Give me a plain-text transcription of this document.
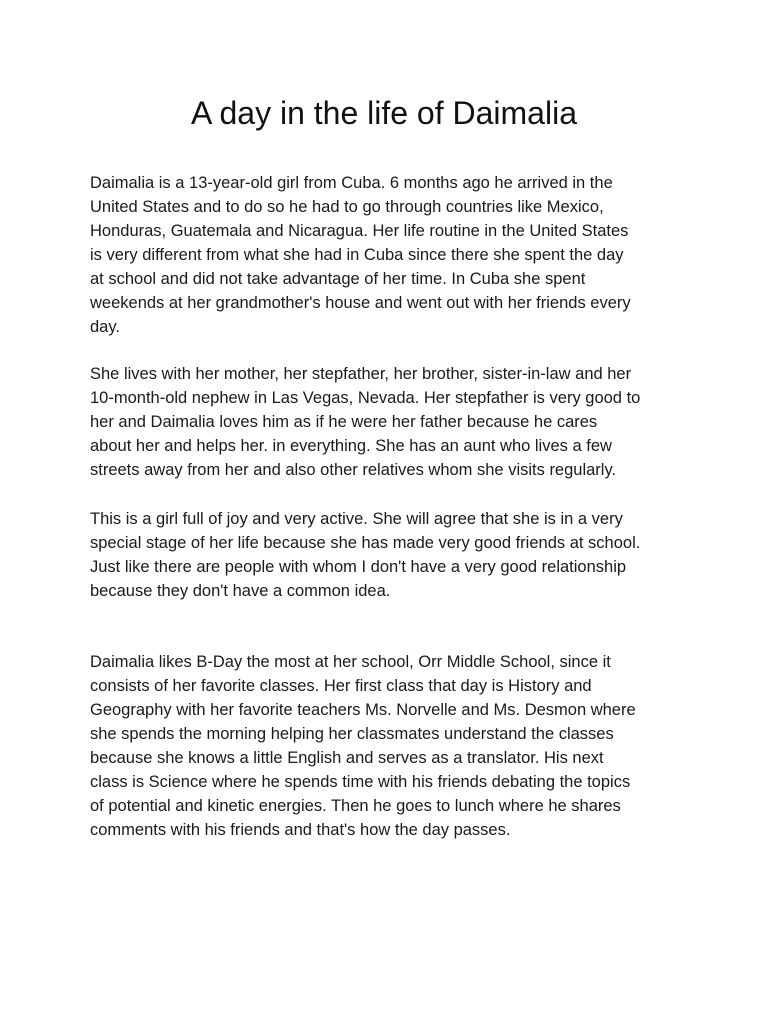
A day in the life of Daimalia

Daimalia is a 13-year-old girl from Cuba. 6 months ago he arrived in the
United States and to do so he had to go through countries like Mexico,
Honduras, Guatemala and Nicaragua. Her life routine in the United States
is very different from what she had in Cuba since there she spent the day
at school and did not take advantage of her time. In Cuba she spent
weekends at her grandmother's house and went out with her friends every
day.

She lives with her mother, her stepfather, her brother, sister-in-law and her
10-month-old nephew in Las Vegas, Nevada. Her stepfather is very good to
her and Daimalia loves him as if he were her father because he cares
about her and helps her. in everything. She has an aunt who lives a few
streets away from her and also other relatives whom she visits regularly.

This is a girl full of joy and very active. She will agree that she is in a very
special stage of her life because she has made very good friends at school.
Just like there are people with whom I don't have a very good relationship
because they don't have a common idea.

Daimalia likes B-Day the most at her school, Orr Middle School, since it
consists of her favorite classes. Her first class that day is History and
Geography with her favorite teachers Ms. Norvelle and Ms. Desmon where
she spends the morning helping her classmates understand the classes
because she knows a little English and serves as a translator. His next
class is Science where he spends time with his friends debating the topics
of potential and kinetic energies. Then he goes to lunch where he shares
comments with his friends and that's how the day passes.
